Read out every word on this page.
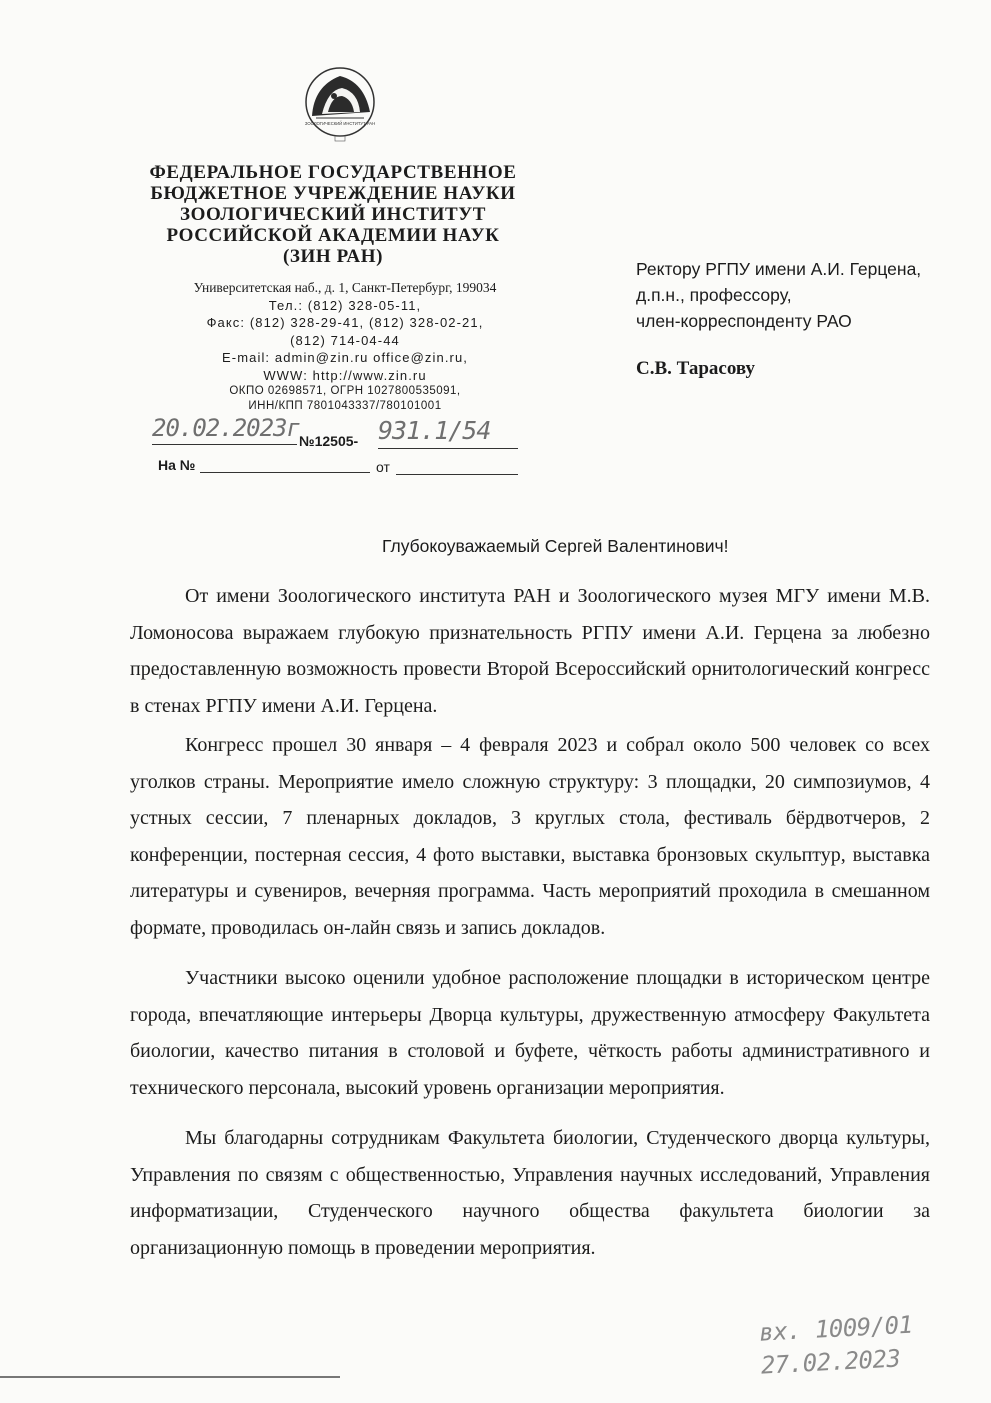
ЗООЛОГИЧЕСКИЙ ИНСТИТУТ РАН
ФЕДЕРАЛЬНОЕ ГОСУДАРСТВЕННОЕ
БЮДЖЕТНОЕ УЧРЕЖДЕНИЕ НАУКИ
ЗООЛОГИЧЕСКИЙ ИНСТИТУТ
РОССИЙСКОЙ АКАДЕМИИ НАУК
(ЗИН РАН)
Университетская наб., д. 1, Санкт-Петербург, 199034
Тел.: (812) 328-05-11,
Факс: (812) 328-29-41, (812) 328-02-21,
(812) 714-04-44
E-mail: admin@zin.ru office@zin.ru,
WWW: http://www.zin.ru
ОКПО 02698571, ОГРН 1027800535091,
ИНН/КПП 7801043337/780101001
20.02.2023г №12505- 931.1/54
На №	от
Ректору РГПУ имени А.И. Герцена,
д.п.н., профессору,
член-корреспонденту РАО
С.В. Тарасову
Глубокоуважаемый Сергей Валентинович!

От имени Зоологического института РАН и Зоологического музея МГУ имени М.В. Ломоносова выражаем глубокую признательность РГПУ имени А.И. Герцена за любезно предоставленную возможность провести Второй Всероссийский орнитологический конгресс в стенах РГПУ имени А.И. Герцена.

Конгресс прошел 30 января – 4 февраля 2023 и собрал около 500 человек со всех уголков страны. Мероприятие имело сложную структуру: 3 площадки, 20 симпозиумов, 4 устных сессии, 7 пленарных докладов, 3 круглых стола, фестиваль бёрдвотчеров, 2 конференции, постерная сессия, 4 фото выставки, выставка бронзовых скульптур, выставка литературы и сувениров, вечерняя программа. Часть мероприятий проходила в смешанном формате, проводилась он-лайн связь и запись докладов.

Участники высоко оценили удобное расположение площадки в историческом центре города, впечатляющие интерьеры Дворца культуры, дружественную атмосферу Факультета биологии, качество питания в столовой и буфете, чёткость работы административного и технического персонала, высокий уровень организации мероприятия.

Мы благодарны сотрудникам Факультета биологии, Студенческого дворца культуры, Управления по связям с общественностью, Управления научных исследований, Управления информатизации, Студенческого научного общества факультета биологии за организационную помощь в проведении мероприятия.

вх. 1009/01
27.02.2023
